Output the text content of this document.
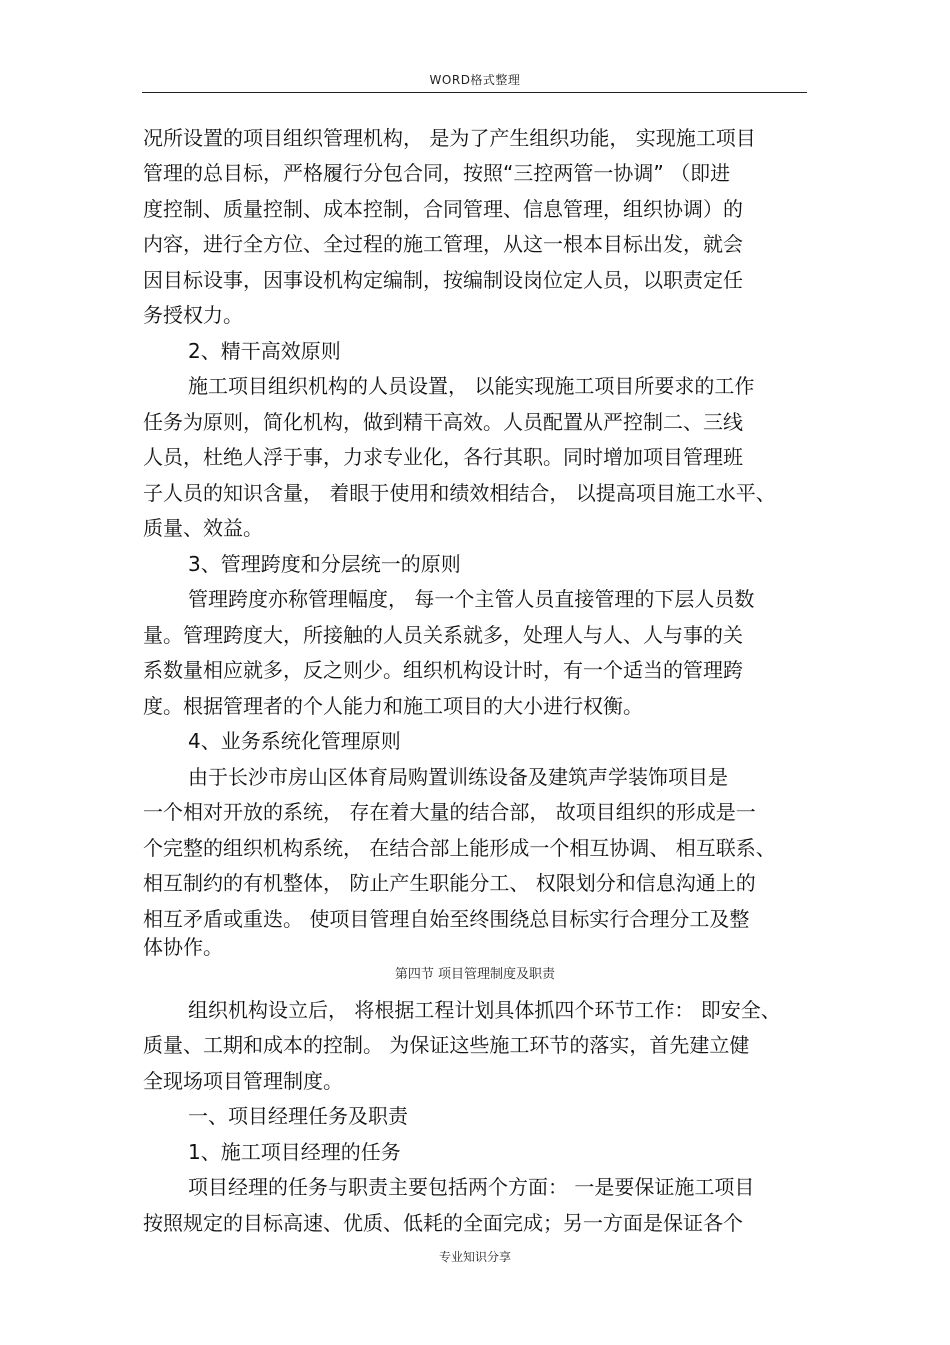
WORD格式整理
况所设置的项目组织管理机构， 是为了产生组织功能， 实现施工项目
管理的总目标，严格履行分包合同，按照“三控两管一协调” （即进
度控制、质量控制、成本控制，合同管理、信息管理，组织协调）的
内容，进行全方位、全过程的施工管理，从这一根本目标出发，就会
因目标设事，因事设机构定编制，按编制设岗位定人员，以职责定任
务授权力。
2、精干高效原则
施工项目组织机构的人员设置， 以能实现施工项目所要求的工作
任务为原则，简化机构，做到精干高效。人员配置从严控制二、三线
人员，杜绝人浮于事，力求专业化，各行其职。同时增加项目管理班
子人员的知识含量， 着眼于使用和绩效相结合， 以提高项目施工水平、
质量、效益。
3、管理跨度和分层统一的原则
管理跨度亦称管理幅度， 每一个主管人员直接管理的下层人员数
量。管理跨度大，所接触的人员关系就多，处理人与人、人与事的关
系数量相应就多，反之则少。组织机构设计时，有一个适当的管理跨
度。根据管理者的个人能力和施工项目的大小进行权衡。
4、业务系统化管理原则
由于长沙市房山区体育局购置训练设备及建筑声学装饰项目是
一个相对开放的系统， 存在着大量的结合部， 故项目组织的形成是一
个完整的组织机构系统， 在结合部上能形成一个相互协调、 相互联系、
相互制约的有机整体， 防止产生职能分工、 权限划分和信息沟通上的
相互矛盾或重迭。 使项目管理自始至终围绕总目标实行合理分工及整
体协作。
第四节 项目管理制度及职责
组织机构设立后， 将根据工程计划具体抓四个环节工作： 即安全、
质量、工期和成本的控制。 为保证这些施工环节的落实，首先建立健
全现场项目管理制度。
一、项目经理任务及职责
1、施工项目经理的任务
项目经理的任务与职责主要包括两个方面： 一是要保证施工项目
按照规定的目标高速、优质、低耗的全面完成；另一方面是保证各个
专业知识分享
